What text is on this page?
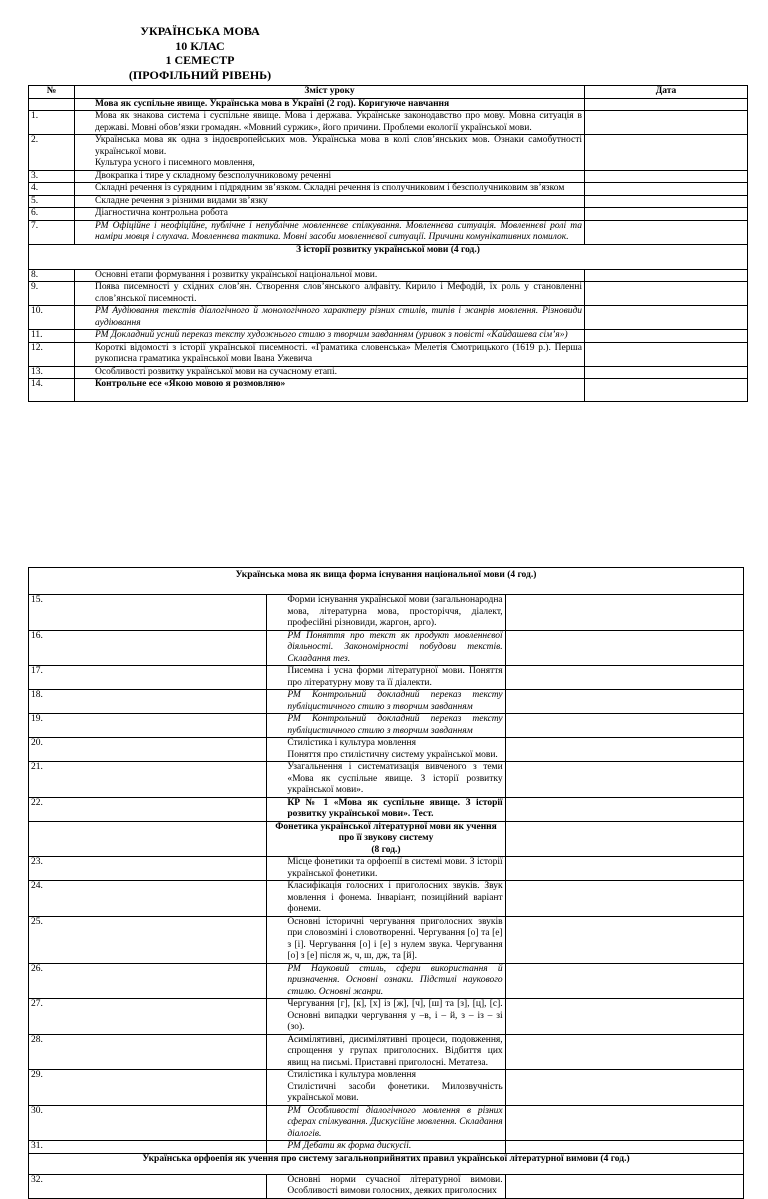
УКРАЇНСЬКА МОВА
10 КЛАС
1 СЕМЕСТР
(ПРОФІЛЬНИЙ РІВЕНЬ)
№	Зміст уроку	Дата
	Мова як суспільне явище. Українська мова в Україні (2 год). Коригуюче навчання	
1.	Мова як знакова система і суспільне явище. Мова і держава. Українське законодавство про мову. Мовна ситуація в державі. Мовні обов’язки громадян. «Мовний суржик», його причини. Проблеми екології української мови.	

2.	Українська мова як одна з індоєвропейських мов. Українська мова в колі слов’янських мов. Ознаки самобутності української мови.
Культура усного і писемного мовлення,	

3.	Двокрапка і тире у складному безсполучниковому реченні	

4.	Складні речення із сурядним і підрядним зв’язком. Складні речення із сполучниковим і безсполучниковим зв’язком	

5.	Складне речення з різними видами зв’язку	

6.	Діагностична контрольна робота	

7.	РМ Офіційне і неофіційне, публічне і непублічне мовленнєве спілкування. Мовленнєва ситуація. Мовленнєві ролі та наміри мовця і слухача. Мовленнєва тактика. Мовні засоби мовленнєвої ситуації. Причини комунікативних помилок.	

З історії розвитку української мови (4 год.)		

8.	Основні етапи формування і розвитку української національної мови.	

9.	Поява писемності у східних слов’ян. Створення слов’янського алфавіту. Кирило і Мефодій, їх роль у становленні слов’янської писемності.	

10.	РМ Аудіювання текстів діалогічного й монологічного характеру різних стилів, типів і жанрів мовлення. Різновиди аудіювання	

11.	РМ Докладний усний переказ тексту художнього стилю з творчим завданням (уривок з повісті «Кайдашева сім’я»)	

12.	Короткі відомості з історії української писемності. «Граматика словенська» Мелетія Смотрицького (1619 р.). Перша рукописна граматика української мови Івана Ужевича	

13.	Особливості розвитку української мови на сучасному етапі.	

14.	Контрольне есе «Якою мовою я розмовляю»	

Українська мова як вища форма існування національної мови (4 год.)		

15.	Форми існування української мови (загальнонародна мова, літературна мова, просторіччя, діалект, професійні різновиди, жаргон, арго).	

16.	РМ Поняття про текст як продукт мовленнєвої діяльності. Закономірності побудови текстів. Складання тез.	

17.	Писемна і усна форми літературної мови. Поняття про літературну мову та її діалекти.	

18.	РМ Контрольний докладний переказ тексту публіцистичного стилю з творчим завданням	

19.	РМ Контрольний докладний переказ тексту публіцистичного стилю з творчим завданням	

20.	Стилістика і культура мовлення
Поняття про стилістичну систему української мови.	

21.	Узагальнення і систематизація вивченого з теми «Мова як суспільне явище. З історії розвитку української мови».	

22.	КР № 1 «Мова як суспільне явище. З історії розвитку української мови». Тест.	

	Фонетика української літературної мови як учення про її звукову систему
(8 год.)	

23.	Місце фонетики та орфоепії в системі мови. З історії української фонетики.	

24.	Класифікація голосних і приголосних звуків. Звук мовлення і фонема. Інваріант, позиційний варіант фонеми.	

25.	Основні історичні чергування приголосних звуків при словозміні і словотворенні. Чергування [о] та [е] з [і]. Чергування [о] і [е] з нулем звука. Чергування [о] з [е] після ж, ч, ш, дж, та [й].	

26.	РМ Науковий стиль, сфери використання й призначення. Основні ознаки. Підстилі наукового стилю. Основні жанри.	

27.	Чергування [г], [к], [х] із [ж], [ч], [ш] та [з], [ц], [с]. Основні випадки чергування у –в, і – й, з – із – зі (зо).	

28.	Асимілятивні, дисимілятивні процеси, подовження, спрощення у групах приголосних. Відбиття цих явищ на письмі. Приставні приголосні. Метатеза.	

29.	Стилістика і культура мовлення
Стилістичні засоби фонетики. Милозвучність української мови.	

30.	РМ Особливості діалогічного мовлення в різних сферах спілкування. Дискусійне мовлення. Складання діалогів.	

31.	РМ Дебати як форма дискусії.	

Українська орфоепія як учення про систему загальноприйнятих правил української літературної вимови (4 год.)		

32.	Основні норми сучасної літературної вимови. Особливості вимови голосних, деяких приголосних	
